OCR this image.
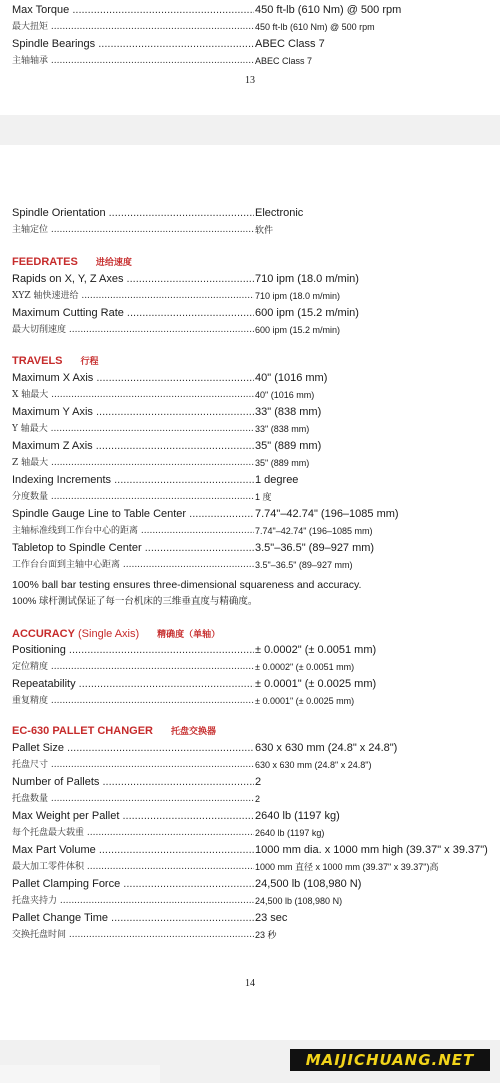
Max Torque .....	450 ft-lb (610 Nm) @ 500 rpm
最大扭矩 .....	450 ft-lb (610 Nm) @ 500 rpm
Spindle Bearings .....	ABEC Class 7
主轴轴承 .....	ABEC Class 7
13
Spindle Orientation .....	Electronic
主轴定位 .....	软件
FEEDRATES 进给速度
Rapids on X, Y, Z Axes .....	710 ipm (18.0 m/min)
XYZ 轴快速进给 .....	710 ipm (18.0 m/min)
Maximum Cutting Rate .....	600 ipm (15.2 m/min)
最大切削速度 .....	600 ipm (15.2 m/min)
TRAVELS 行程
Maximum X Axis .....	40" (1016 mm)
X 轴最大 .....	40" (1016 mm)
Maximum Y Axis .....	33" (838 mm)
Y 轴最大 .....	33" (838 mm)
Maximum Z Axis .....	35" (889 mm)
Z 轴最大 .....	35" (889 mm)
Indexing Increments .....	1 degree
分度数量 .....	1 度
Spindle Gauge Line to Table Center .....	7.74"–42.74" (196–1085 mm)
主轴标准线到工作台中心的距离 .....	7.74"–42.74" (196–1085 mm)
Tabletop to Spindle Center .....	3.5"–36.5" (89–927 mm)
工作台台面到主轴中心距离 .....	3.5"–36.5" (89–927 mm)
100% ball bar testing ensures three-dimensional squareness and accuracy.
100% 球杆测试保证了每一台机床的三维垂直度与精确度。
ACCURACY (Single Axis) 精确度（单轴）
Positioning .....	± 0.0002" (± 0.0051 mm)
定位精度 .....	± 0.0002" (± 0.0051 mm)
Repeatability .....	± 0.0001" (± 0.0025 mm)
重复精度 .....	± 0.0001" (± 0.0025 mm)
EC-630 PALLET CHANGER 托盘交换器
Pallet Size .....	630 x 630 mm (24.8" x 24.8")
托盘尺寸 .....	630 x 630 mm (24.8" x 24.8")
Number of Pallets .....	2
托盘数量 .....	2
Max Weight per Pallet .....	2640 lb (1197 kg)
每个托盘最大载重 .....	2640 lb (1197 kg)
Max Part Volume .....	1000 mm dia. x 1000 mm high (39.37" x 39.37")
最大加工零件体积 .....	1000 mm 直径 x 1000 mm (39.37" x 39.37")高
Pallet Clamping Force .....	24,500 lb (108,980 N)
托盘夹持力 .....	24,500 lb (108,980 N)
Pallet Change Time .....	23 sec
交换托盘时间 .....	23 秒
14
MAIJICHUANG.NET
